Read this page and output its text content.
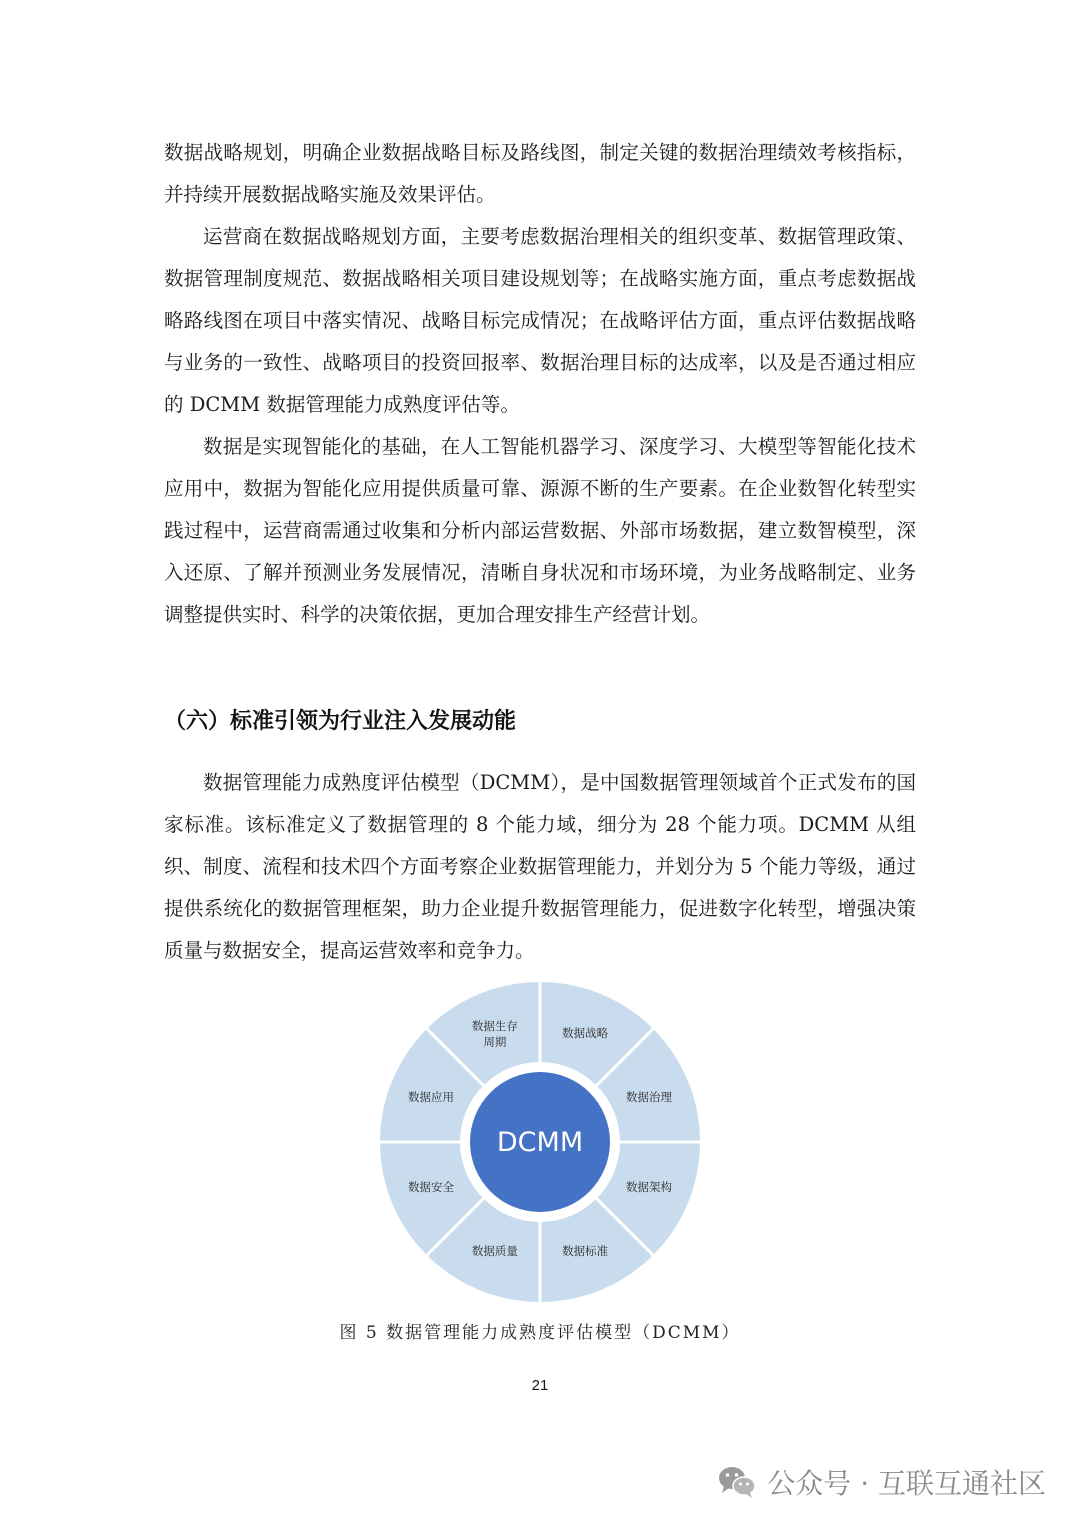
数据战略规划，明确企业数据战略目标及路线图，制定关键的数据治理绩效考核指标，并持续开展数据战略实施及效果评估。

运营商在数据战略规划方面，主要考虑数据治理相关的组织变革、数据管理政策、数据管理制度规范、数据战略相关项目建设规划等；在战略实施方面，重点考虑数据战略路线图在项目中落实情况、战略目标完成情况；在战略评估方面，重点评估数据战略与业务的一致性、战略项目的投资回报率、数据治理目标的达成率，以及是否通过相应的 DCMM 数据管理能力成熟度评估等。

数据是实现智能化的基础，在人工智能机器学习、深度学习、大模型等智能化技术应用中，数据为智能化应用提供质量可靠、源源不断的生产要素。在企业数智化转型实践过程中，运营商需通过收集和分析内部运营数据、外部市场数据，建立数智模型，深入还原、了解并预测业务发展情况，清晰自身状况和市场环境，为业务战略制定、业务调整提供实时、科学的决策依据，更加合理安排生产经营计划。

（六）标准引领为行业注入发展动能

数据管理能力成熟度评估模型（DCMM），是中国数据管理领域首个正式发布的国家标准。该标准定义了数据管理的 8 个能力域，细分为 28 个能力项。DCMM 从组织、制度、流程和技术四个方面考察企业数据管理能力，并划分为 5 个能力等级，通过提供系统化的数据管理框架，助力企业提升数据管理能力，促进数字化转型，增强决策质量与数据安全，提高运营效率和竞争力。

DCMM
数据战略
数据治理
数据架构
数据标准
数据质量
数据安全
数据应用
数据生存
周期
图 5 数据管理能力成熟度评估模型（DCMM）
21
公众号 · 互联互通社区
